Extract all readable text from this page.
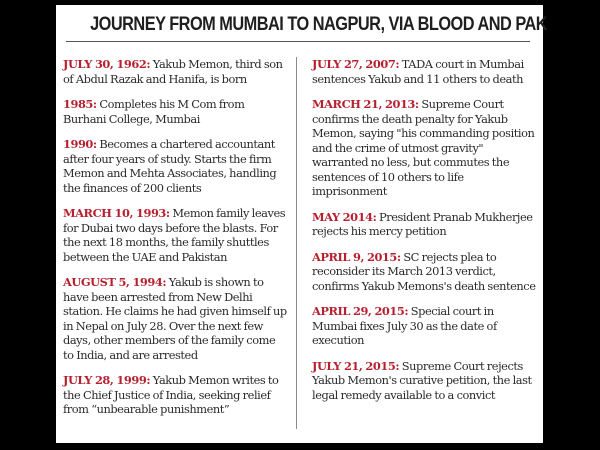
JOURNEY FROM MUMBAI TO NAGPUR, VIA BLOOD AND PAK

JULY 30, 1962: Yakub Memon, third son of Abdul Razak and Hanifa, is born

1985: Completes his M Com from Burhani College, Mumbai

1990: Becomes a chartered accountant after four years of study. Starts the firm Memon and Mehta Associates, handling the finances of 200 clients

MARCH 10, 1993: Memon family leaves for Dubai two days before the blasts. For the next 18 months, the family shuttles between the UAE and Pakistan

AUGUST 5, 1994: Yakub is shown to have been arrested from New Delhi station. He claims he had given himself up in Nepal on July 28. Over the next few days, other members of the family come to India, and are arrested

JULY 28, 1999: Yakub Memon writes to the Chief Justice of India, seeking relief from “unbearable punishment”

JULY 27, 2007: TADA court in Mumbai sentences Yakub and 11 others to death

MARCH 21, 2013: Supreme Court confirms the death penalty for Yakub Memon, saying "his commanding position and the crime of utmost gravity" warranted no less, but commutes the sentences of 10 others to life imprisonment

MAY 2014: President Pranab Mukherjee rejects his mercy petition

APRIL 9, 2015: SC rejects plea to reconsider its March 2013 verdict, confirms Yakub Memons's death sentence

APRIL 29, 2015: Special court in Mumbai fixes July 30 as the date of execution

JULY 21, 2015: Supreme Court rejects Yakub Memon's curative petition, the last legal remedy available to a convict
